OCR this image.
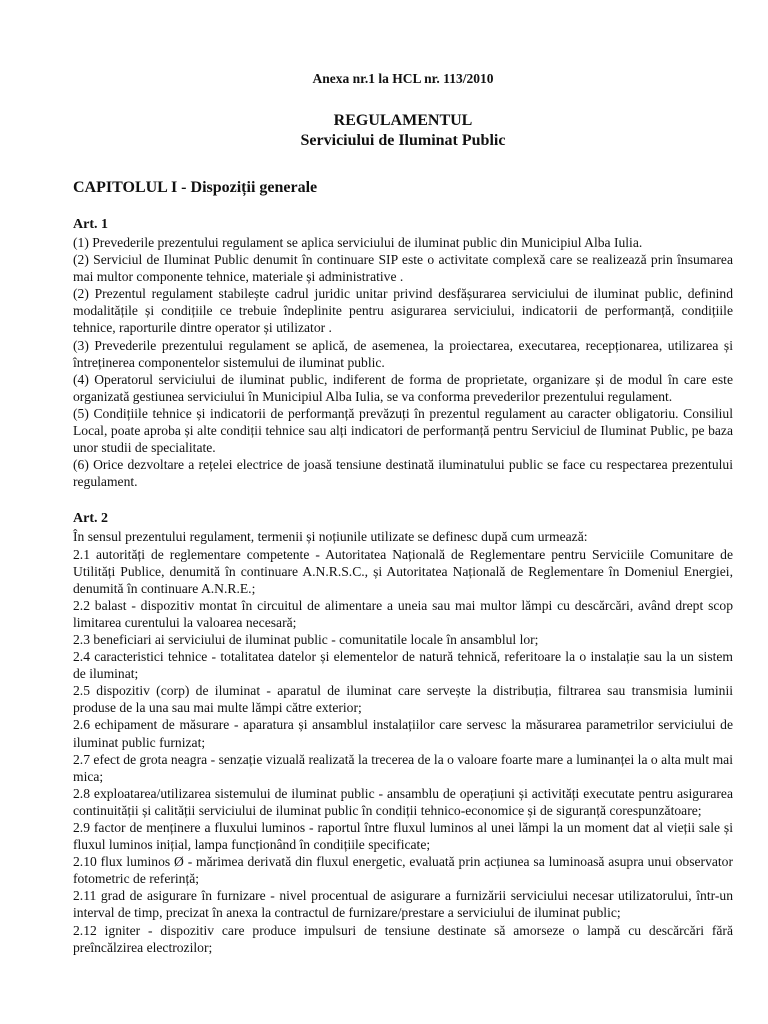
Anexa nr.1 la HCL nr. 113/2010

REGULAMENTUL

Serviciului de Iluminat Public

CAPITOLUL I - Dispoziții generale

Art. 1

(1) Prevederile prezentului regulament se aplica serviciului de iluminat public din Municipiul Alba Iulia.

(2) Serviciul de Iluminat Public denumit în continuare SIP este o activitate complexă care se realizează prin însumarea mai multor componente tehnice, materiale și administrative .

(2) Prezentul regulament stabilește cadrul juridic unitar privind desfășurarea serviciului de iluminat public, definind modalitățile și condițiile ce trebuie îndeplinite pentru asigurarea serviciului, indicatorii de performanță, condițiile tehnice, raporturile dintre operator și utilizator .

(3) Prevederile prezentului regulament se aplică, de asemenea, la proiectarea, executarea, recepționarea, utilizarea și întreținerea componentelor sistemului de iluminat public.

(4) Operatorul serviciului de iluminat public, indiferent de forma de proprietate, organizare și de modul în care este organizată gestiunea serviciului în Municipiul Alba Iulia, se va conforma prevederilor prezentului regulament.

(5) Condițiile tehnice și indicatorii de performanță prevăzuți în prezentul regulament au caracter obligatoriu. Consiliul Local, poate aproba și alte condiții tehnice sau alți indicatori de performanță pentru Serviciul de Iluminat Public, pe baza unor studii de specialitate.

(6) Orice dezvoltare a rețelei electrice de joasă tensiune destinată iluminatului public se face cu respectarea prezentului regulament.

Art. 2

În sensul prezentului regulament, termenii și noțiunile utilizate se definesc după cum urmează:

2.1 autorități de reglementare competente - Autoritatea Națională de Reglementare pentru Serviciile Comunitare de Utilități Publice, denumită în continuare A.N.R.S.C., și Autoritatea Națională de Reglementare în Domeniul Energiei, denumită în continuare A.N.R.E.;

2.2 balast - dispozitiv montat în circuitul de alimentare a uneia sau mai multor lămpi cu descărcări, având drept scop limitarea curentului la valoarea necesară;

2.3 beneficiari ai serviciului de iluminat public - comunitatile locale în ansamblul lor;

2.4 caracteristici tehnice - totalitatea datelor și elementelor de natură tehnică, referitoare la o instalație sau la un sistem de iluminat;

2.5 dispozitiv (corp) de iluminat - aparatul de iluminat care servește la distribuția, filtrarea sau transmisia luminii produse de la una sau mai multe lămpi către exterior;

2.6 echipament de măsurare - aparatura și ansamblul instalațiilor care servesc la măsurarea parametrilor serviciului de iluminat public furnizat;

2.7 efect de grota neagra - senzație vizuală realizată la trecerea de la o valoare foarte mare a luminanței la o alta mult mai mica;

2.8 exploatarea/utilizarea sistemului de iluminat public - ansamblu de operațiuni și activități executate pentru asigurarea continuității și calității serviciului de iluminat public în condiții tehnico-economice și de siguranță corespunzătoare;

2.9 factor de menținere a fluxului luminos - raportul între fluxul luminos al unei lămpi la un moment dat al vieții sale și fluxul luminos inițial, lampa funcționând în condițiile specificate;

2.10 flux luminos Ø - mărimea derivată din fluxul energetic, evaluată prin acțiunea sa luminoasă asupra unui observator fotometric de referință;

2.11 grad de asigurare în furnizare - nivel procentual de asigurare a furnizării serviciului necesar utilizatorului, într-un interval de timp, precizat în anexa la contractul de furnizare/prestare a serviciului de iluminat public;

2.12 igniter - dispozitiv care produce impulsuri de tensiune destinate să amorseze o lampă cu descărcări fără preîncălzirea electrozilor;
